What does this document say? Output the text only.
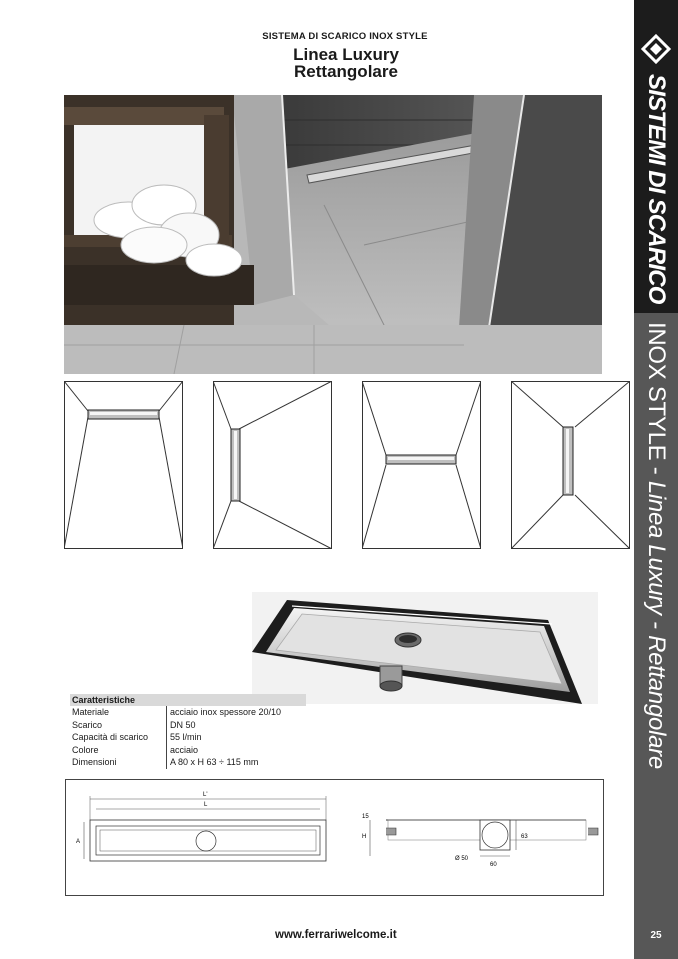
SISTEMA DI SCARICO INOX STYLE
Linea Luxury
Rettangolare
Caratteristiche
Materiale	acciaio inox spessore 20/10
Scarico	DN 50
Capacità di scarico	55 l/min
Colore	acciaio
Dimensioni	A 80 x H 63 ÷ 115 mm
L'
L
A
15
H	63
Ø 50
60
www.ferrariwelcome.it
SISTEMI DI SCARICO
INOX STYLE - Linea Luxury - Rettangolare
25
